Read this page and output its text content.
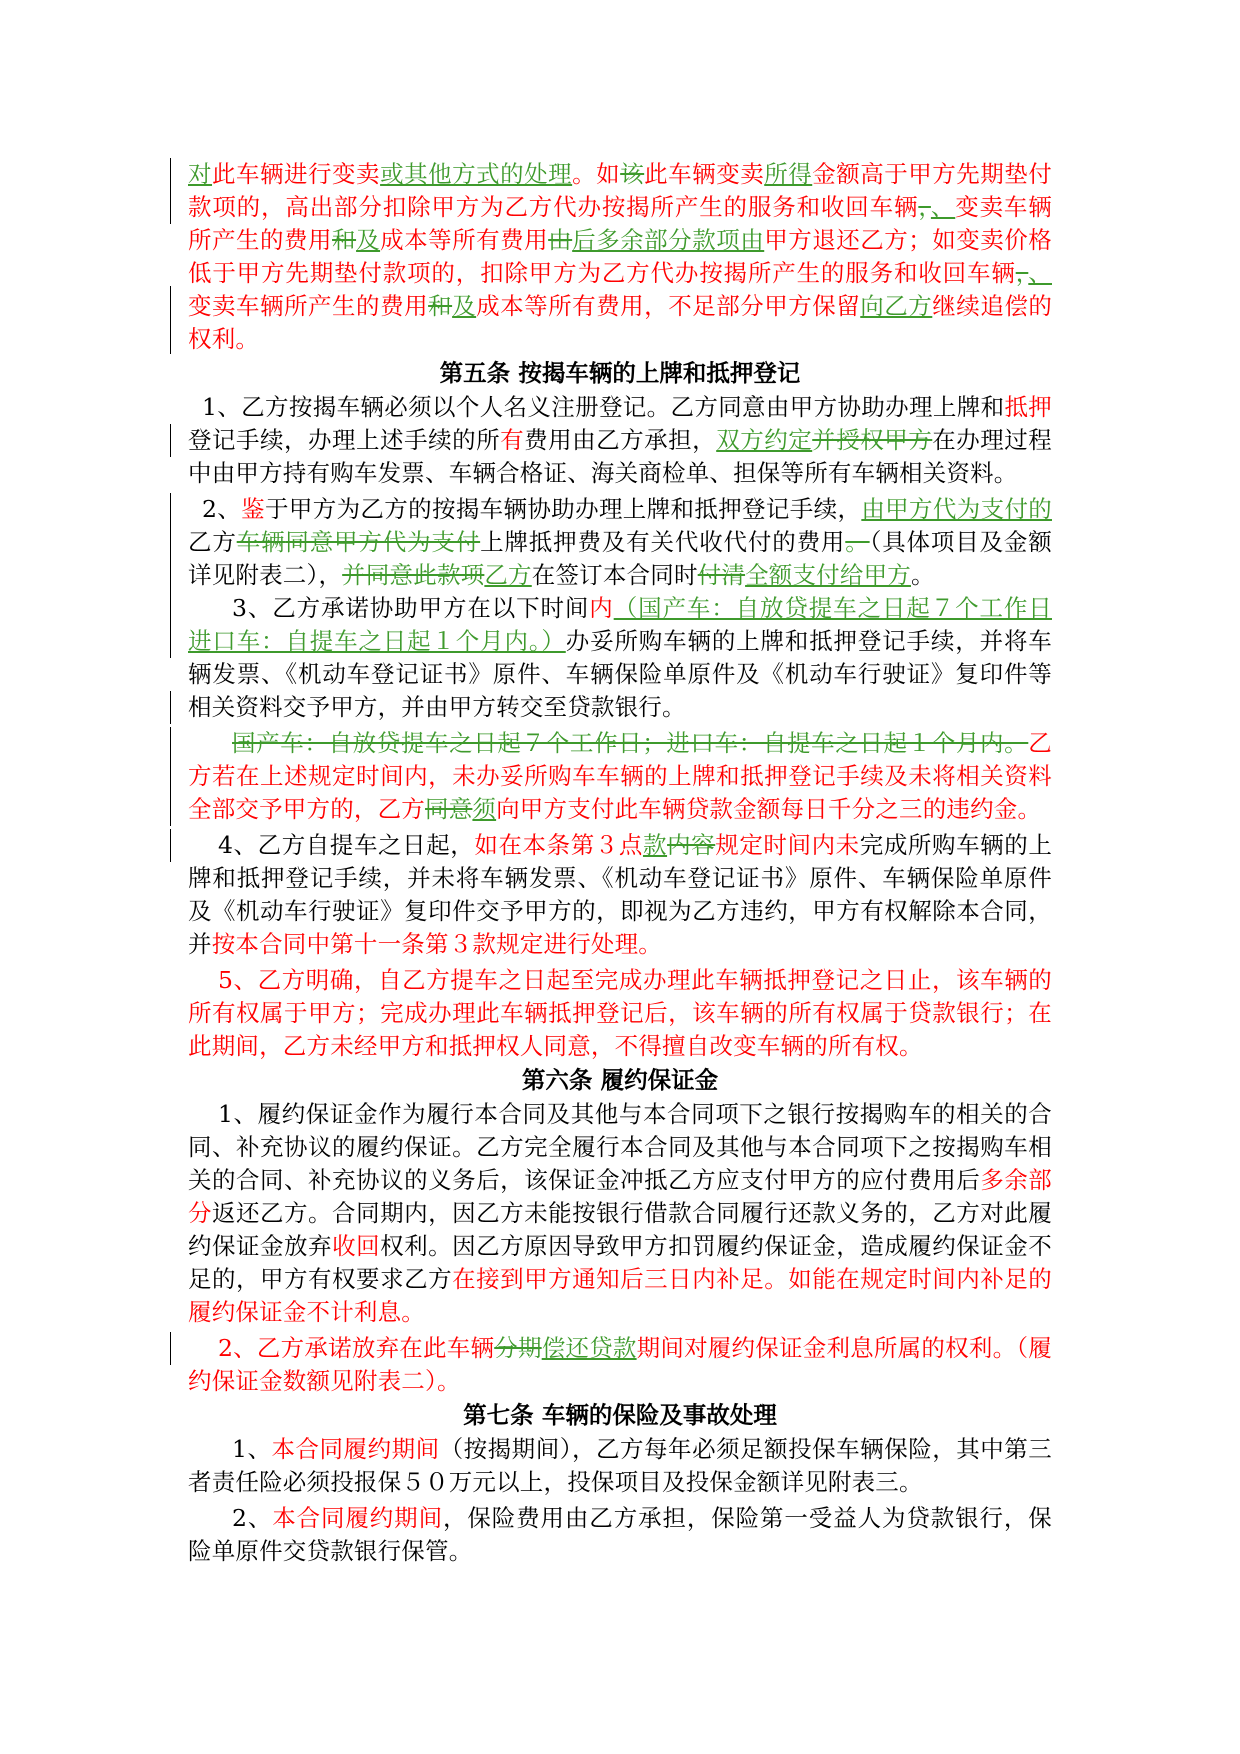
对此车辆进行变卖或其他方式的处理。如该此车辆变卖所得金额高于甲方先期垫付款项的，高出部分扣除甲方为乙方代办按揭所产生的服务和收回车辆，、变卖车辆所产生的费用和及成本等所有费用由后多余部分款项由甲方退还乙方；如变卖价格低于甲方先期垫付款项的，扣除甲方为乙方代办按揭所产生的服务和收回车辆，、变卖车辆所产生的费用和及成本等所有费用，不足部分甲方保留向乙方继续追偿的权利。

第五条 按揭车辆的上牌和抵押登记

1、乙方按揭车辆必须以个人名义注册登记。乙方同意由甲方协助办理上牌和抵押登记手续，办理上述手续的所有费用由乙方承担，双方约定并授权甲方在办理过程中由甲方持有购车发票、车辆合格证、海关商检单、担保等所有车辆相关资料。

2、鉴于甲方为乙方的按揭车辆协助办理上牌和抵押登记手续，由甲方代为支付的乙方车辆同意甲方代为支付上牌抵押费及有关代收代付的费用。（具体项目及金额详见附表二），并同意此款项乙方在签订本合同时付清全额支付给甲方。

3、乙方承诺协助甲方在以下时间内（国产车：自放贷提车之日起７个工作日进口车：自提车之日起１个月内。）办妥所购车辆的上牌和抵押登记手续，并将车辆发票、《机动车登记证书》原件、车辆保险单原件及《机动车行驶证》复印件等相关资料交予甲方，并由甲方转交至贷款银行。

国产车：自放贷提车之日起７个工作日；进口车：自提车之日起１个月内。乙方若在上述规定时间内，未办妥所购车车辆的上牌和抵押登记手续及未将相关资料全部交予甲方的，乙方同意须向甲方支付此车辆贷款金额每日千分之三的违约金。

4、乙方自提车之日起，如在本条第３点款内容规定时间内未完成所购车辆的上牌和抵押登记手续，并未将车辆发票、《机动车登记证书》原件、车辆保险单原件及《机动车行驶证》复印件交予甲方的，即视为乙方违约，甲方有权解除本合同，并按本合同中第十一条第３款规定进行处理。

5、乙方明确，自乙方提车之日起至完成办理此车辆抵押登记之日止，该车辆的所有权属于甲方；完成办理此车辆抵押登记后，该车辆的所有权属于贷款银行；在此期间，乙方未经甲方和抵押权人同意，不得擅自改变车辆的所有权。

第六条 履约保证金

1、履约保证金作为履行本合同及其他与本合同项下之银行按揭购车的相关的合同、补充协议的履约保证。乙方完全履行本合同及其他与本合同项下之按揭购车相关的合同、补充协议的义务后，该保证金冲抵乙方应支付甲方的应付费用后多余部分返还乙方。合同期内，因乙方未能按银行借款合同履行还款义务的，乙方对此履约保证金放弃收回权利。因乙方原因导致甲方扣罚履约保证金，造成履约保证金不足的，甲方有权要求乙方在接到甲方通知后三日内补足。如能在规定时间内补足的履约保证金不计利息。

2、乙方承诺放弃在此车辆分期偿还贷款期间对履约保证金利息所属的权利。（履约保证金数额见附表二）。

第七条 车辆的保险及事故处理

1、本合同履约期间（按揭期间），乙方每年必须足额投保车辆保险，其中第三者责任险必须投报保５０万元以上，投保项目及投保金额详见附表三。

2、本合同履约期间，保险费用由乙方承担，保险第一受益人为贷款银行，保险单原件交贷款银行保管。
